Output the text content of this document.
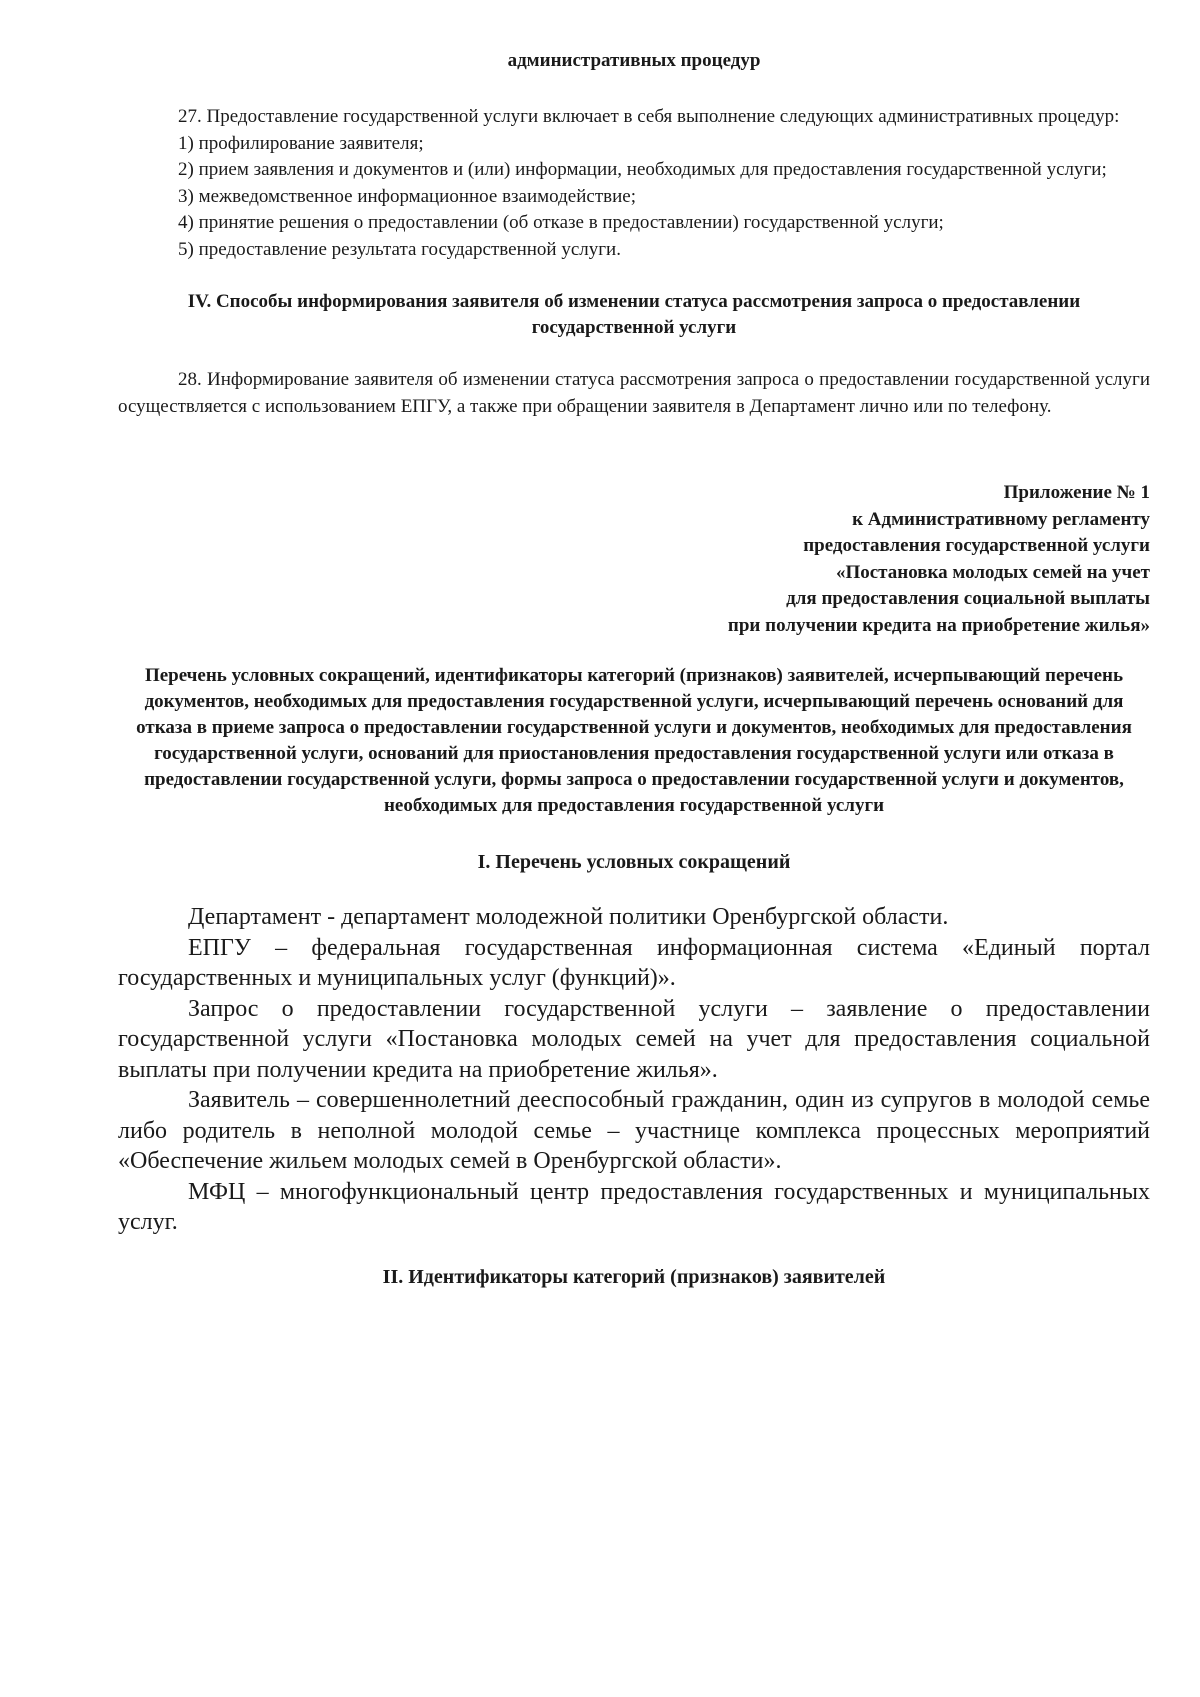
административных процедур

27. Предоставление государственной услуги включает в себя выполнение следующих административных процедур:

1) профилирование заявителя;

2) прием заявления и документов и (или) информации, необходимых для предоставления государственной услуги;

3) межведомственное информационное взаимодействие;

4) принятие решения о предоставлении (об отказе в предоставлении) государственной услуги;

5) предоставление результата государственной услуги.

IV. Способы информирования заявителя об изменении статуса рассмотрения запроса о предоставлении государственной услуги

28. Информирование заявителя об изменении статуса рассмотрения запроса о предоставлении государственной услуги осуществляется с использованием ЕПГУ, а также при обращении заявителя в Департамент лично или по телефону.

Приложение № 1

к Административному регламенту

предоставления государственной услуги

«Постановка молодых семей на учет

для предоставления социальной выплаты

при получении кредита на приобретение жилья»

Перечень условных сокращений, идентификаторы категорий (признаков) заявителей, исчерпывающий перечень документов, необходимых для предоставления государственной услуги, исчерпывающий перечень оснований для отказа в приеме запроса о предоставлении государственной услуги и документов, необходимых для предоставления государственной услуги, оснований для приостановления предоставления государственной услуги или отказа в предоставлении государственной услуги, формы запроса о предоставлении государственной услуги и документов, необходимых для предоставления государственной услуги

I. Перечень условных сокращений

Департамент - департамент молодежной политики Оренбургской области.

ЕПГУ – федеральная государственная информационная система «Единый портал государственных и муниципальных услуг (функций)».

Запрос о предоставлении государственной услуги – заявление о предоставлении государственной услуги «Постановка молодых семей на учет для предоставления социальной выплаты при получении кредита на приобретение жилья».

Заявитель – совершеннолетний дееспособный гражданин, один из супругов в молодой семье либо родитель в неполной молодой семье – участнице комплекса процессных мероприятий «Обеспечение жильем молодых семей в Оренбургской области».

МФЦ – многофункциональный центр предоставления государственных и муниципальных услуг.

II. Идентификаторы категорий (признаков) заявителей
